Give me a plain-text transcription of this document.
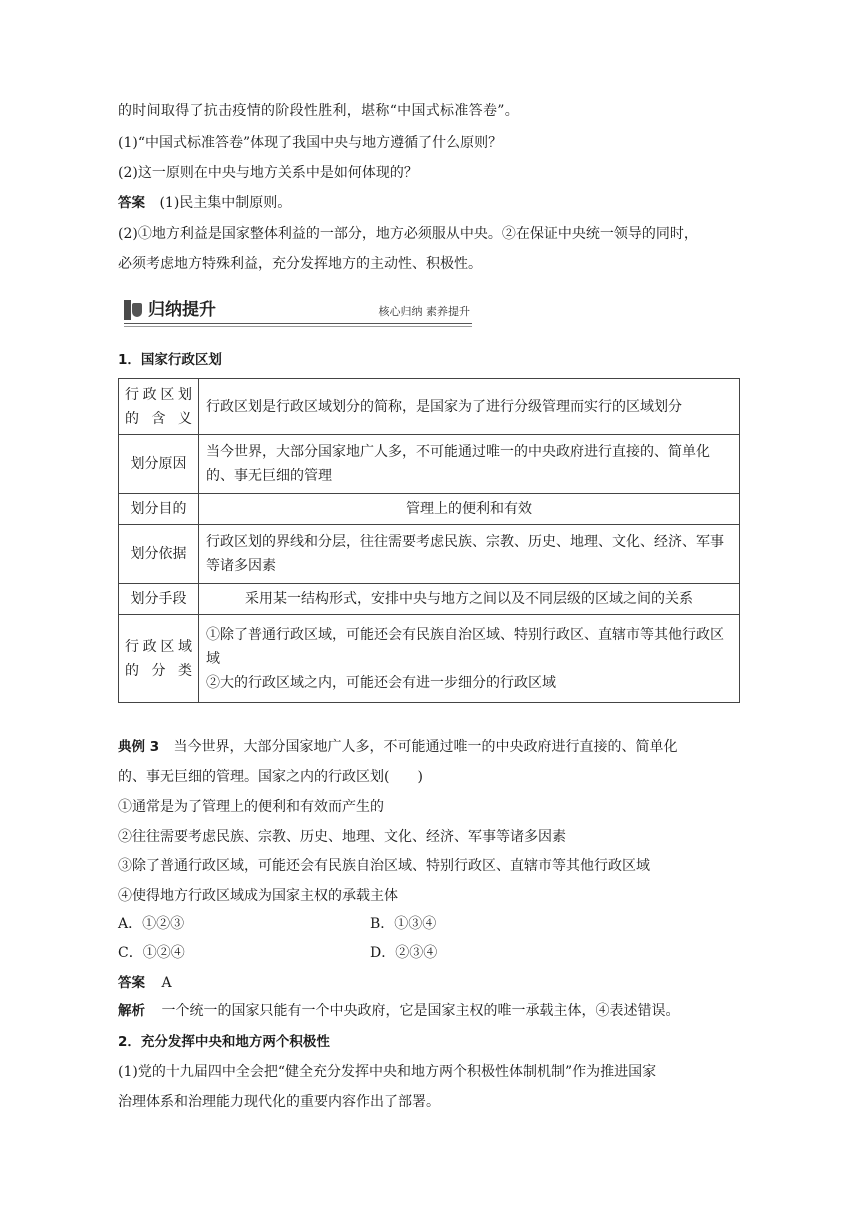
的时间取得了抗击疫情的阶段性胜利，堪称“中国式标准答卷”。
(1)“中国式标准答卷”体现了我国中央与地方遵循了什么原则？
(2)这一原则在中央与地方关系中是如何体现的？
答案 (1)民主集中制原则。
(2)①地方利益是国家整体利益的一部分，地方必须服从中央。②在保证中央统一领导的同时，
必须考虑地方特殊利益，充分发挥地方的主动性、积极性。
归纳提升	核心归纳 素养提升
1．国家行政区划
行政区划的含义	行政区划是行政区域划分的简称，是国家为了进行分级管理而实行的区域划分
划分原因	当今世界，大部分国家地广人多，不可能通过唯一的中央政府进行直接的、简单化的、事无巨细的管理
划分目的	管理上的便利和有效
划分依据	行政区划的界线和分层，往往需要考虑民族、宗教、历史、地理、文化、经济、军事等诸多因素
划分手段	采用某一结构形式，安排中央与地方之间以及不同层级的区域之间的关系
行政区域的分类	①除了普通行政区域，可能还会有民族自治区域、特别行政区、直辖市等其他行政区域
②大的行政区域之内，可能还会有进一步细分的行政区域
典例 3 当今世界，大部分国家地广人多，不可能通过唯一的中央政府进行直接的、简单化
的、事无巨细的管理。国家之内的行政区划(　　)
①通常是为了管理上的便利和有效而产生的
②往往需要考虑民族、宗教、历史、地理、文化、经济、军事等诸多因素
③除了普通行政区域，可能还会有民族自治区域、特别行政区、直辖市等其他行政区域
④使得地方行政区域成为国家主权的承载主体
A．①②③	B．①③④
C．①②④	D．②③④
答案 A
解析 一个统一的国家只能有一个中央政府，它是国家主权的唯一承载主体，④表述错误。
2．充分发挥中央和地方两个积极性
(1)党的十九届四中全会把“健全充分发挥中央和地方两个积极性体制机制”作为推进国家
治理体系和治理能力现代化的重要内容作出了部署。
